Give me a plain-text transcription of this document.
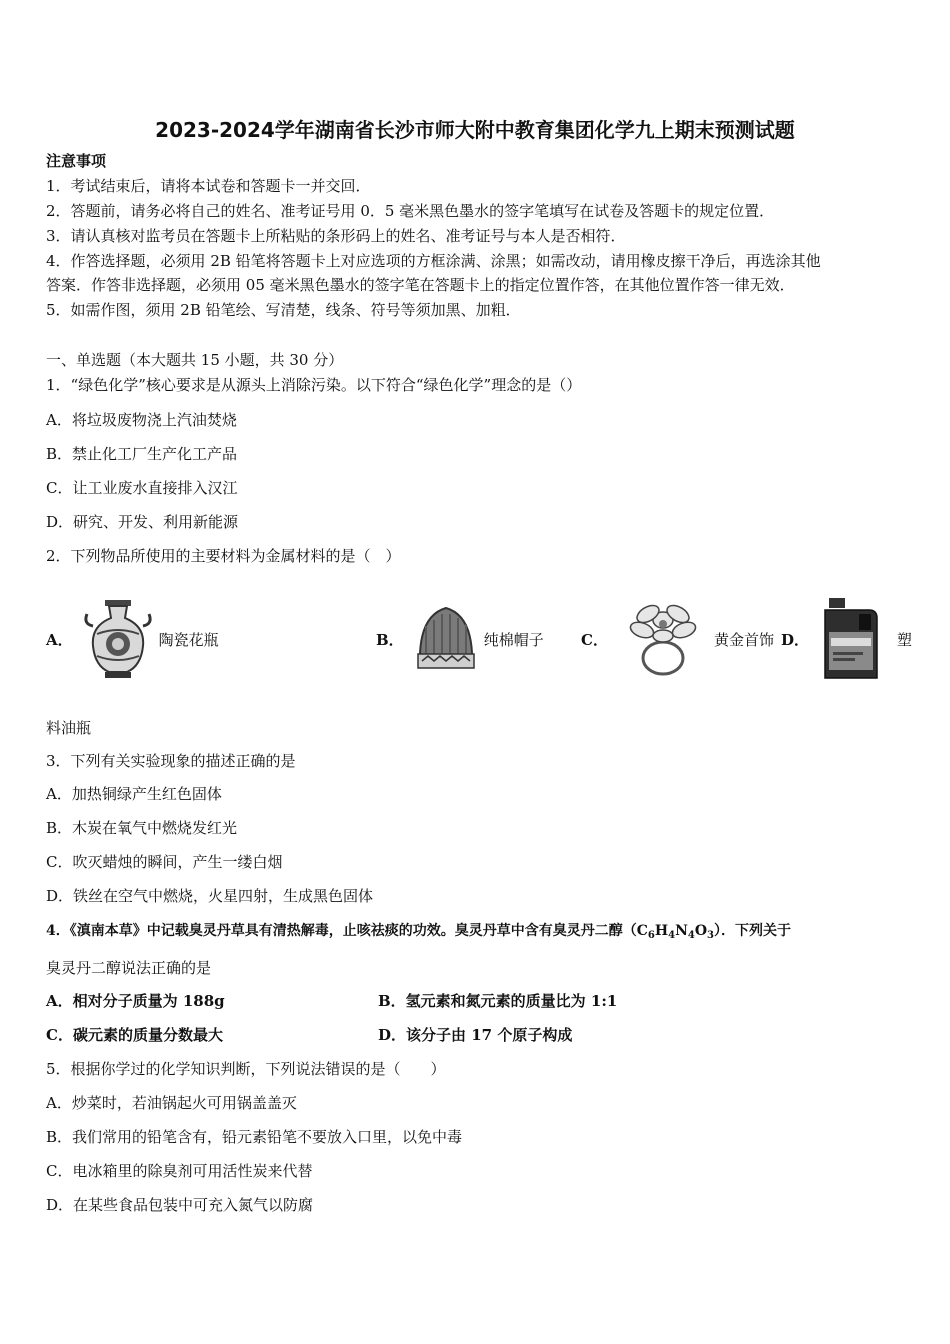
2023-2024学年湖南省长沙市师大附中教育集团化学九上期末预测试题
注意事项
1．考试结束后，请将本试卷和答题卡一并交回．
2．答题前，请务必将自己的姓名、准考证号用 0．5 毫米黑色墨水的签字笔填写在试卷及答题卡的规定位置．
3．请认真核对监考员在答题卡上所粘贴的条形码上的姓名、准考证号与本人是否相符．
4．作答选择题，必须用 2B 铅笔将答题卡上对应选项的方框涂满、涂黑；如需改动，请用橡皮擦干净后，再选涂其他
答案．作答非选择题，必须用 05 毫米黑色墨水的签字笔在答题卡上的指定位置作答，在其他位置作答一律无效．
5．如需作图，须用 2B 铅笔绘、写清楚，线条、符号等须加黑、加粗．
一、单选题（本大题共 15 小题，共 30 分）
1．“绿色化学”核心要求是从源头上消除污染。以下符合“绿色化学”理念的是（）
A．将垃圾废物浇上汽油焚烧
B．禁止化工厂生产化工产品
C．让工业废水直接排入汉江
D．研究、开发、利用新能源
2．下列物品所使用的主要材料为金属材料的是（　）
A．	陶瓷花瓶	B．	纯棉帽子 C．	黄金首饰 D．	塑
料油瓶
3．下列有关实验现象的描述正确的是
A．加热铜绿产生红色固体
B．木炭在氧气中燃烧发红光
C．吹灭蜡烛的瞬间，产生一缕白烟
D．铁丝在空气中燃烧，火星四射，生成黑色固体
4．《滇南本草》中记载臭灵丹草具有清热解毒，止咳祛痰的功效。臭灵丹草中含有臭灵丹二醇$(C_6H_4N_4O_3)$．下列关于
臭灵丹二醇说法正确的是
A．相对分子质量为 188g	B．氢元素和氮元素的质量比为 1:1
C．碳元素的质量分数最大	D．该分子由 17 个原子构成
5．根据你学过的化学知识判断，下列说法错误的是（　　）
A．炒菜时，若油锅起火可用锅盖盖灭
B．我们常用的铅笔含有，铅元素铅笔不要放入口里，以免中毒
C．电冰箱里的除臭剂可用活性炭来代替
D．在某些食品包装中可充入氮气以防腐
